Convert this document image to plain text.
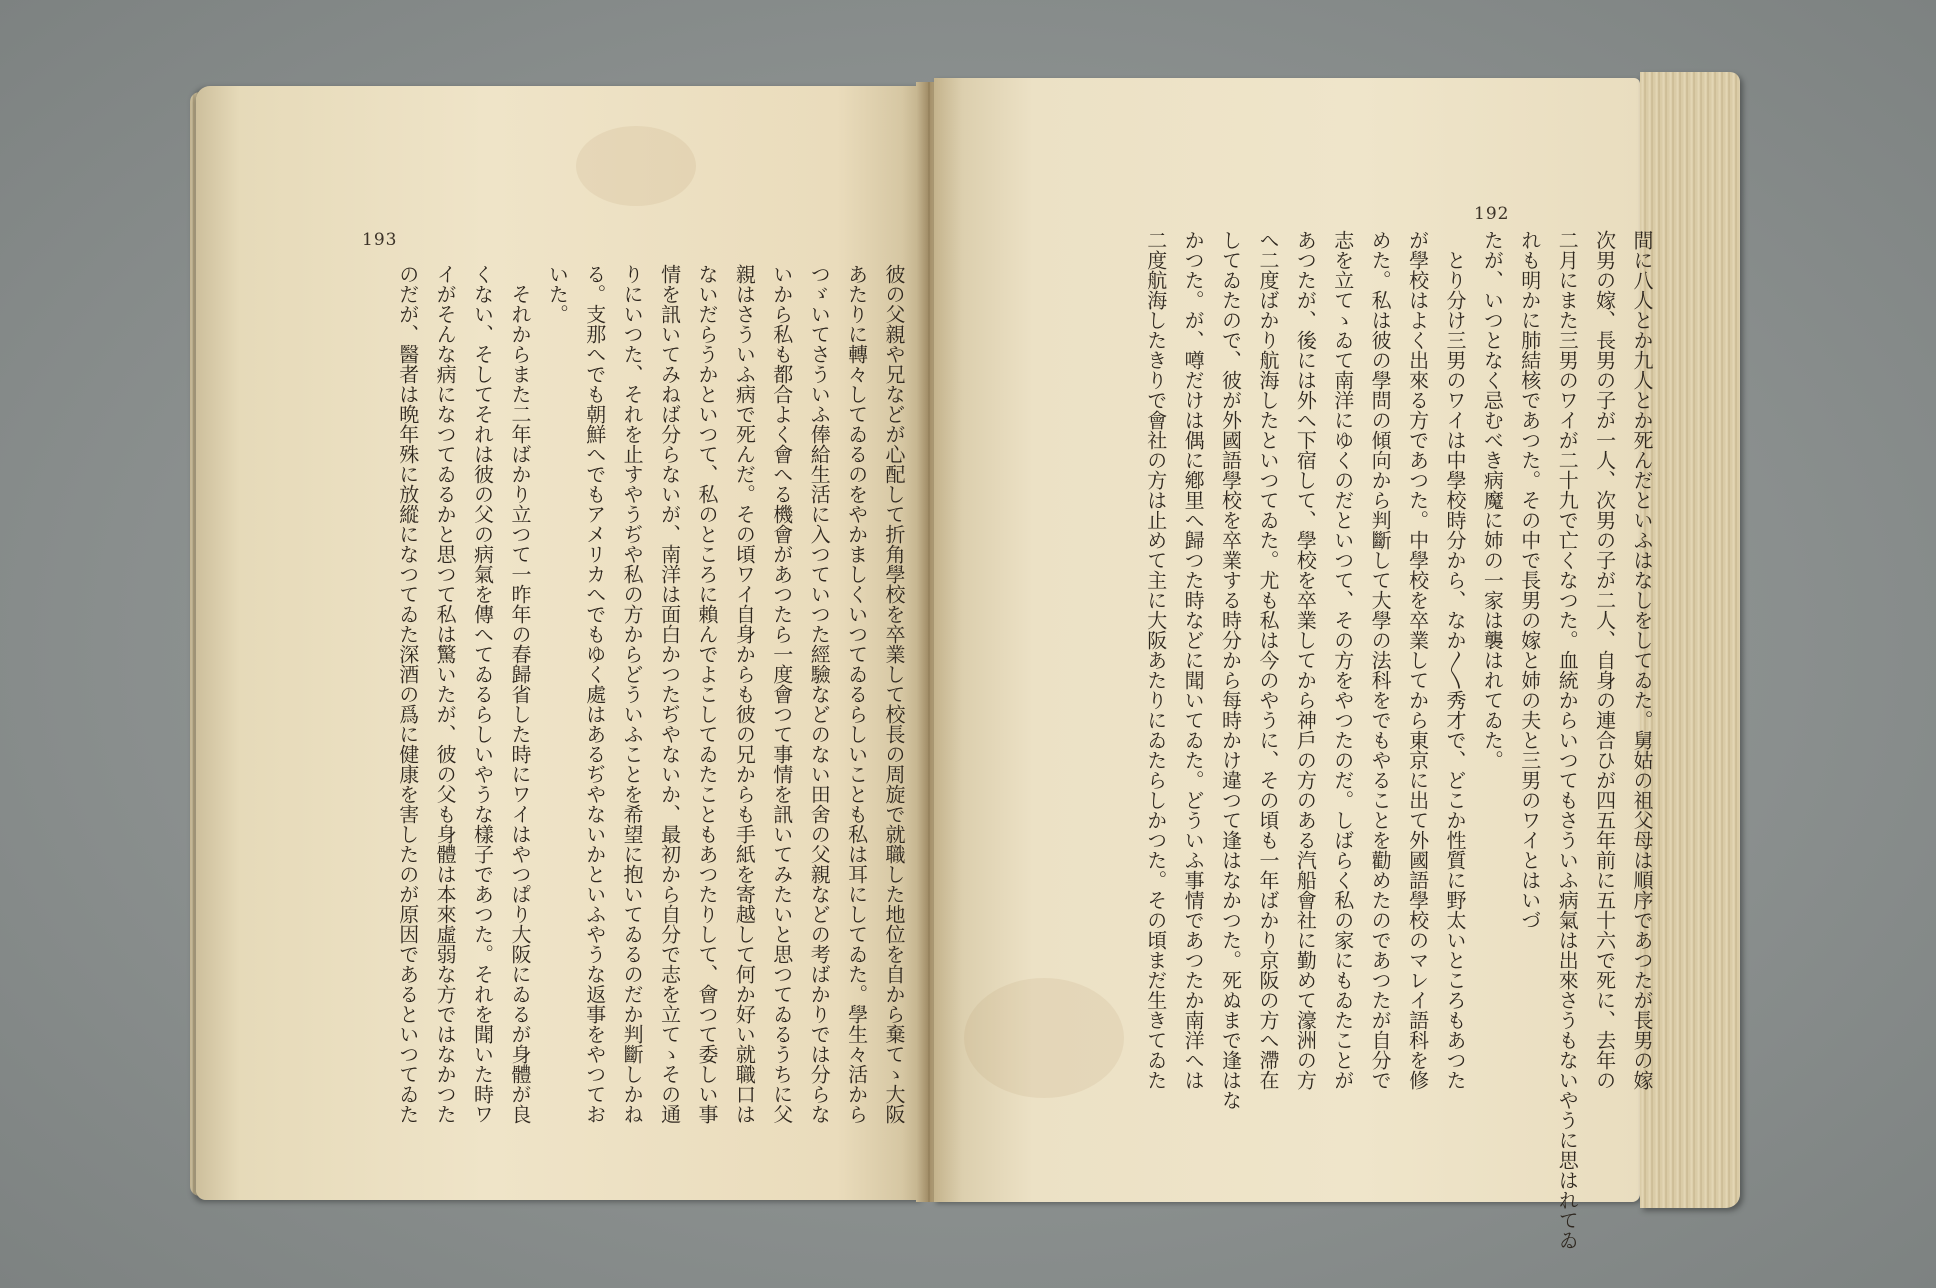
193
192
彼の父親や兄などが心配して折角學校を卒業して校長の周旋で就職した地位を自から棄てゝ大阪
あたりに轉々してゐるのをやかましくいつてゐるらしいことも私は耳にしてゐた。學生々活から
つゞいてさういふ俸給生活に入つていつた經驗などのない田舍の父親などの考ばかりでは分らな
いから私も都合よく會へる機會があつたら一度會つて事情を訊いてみたいと思つてゐるうちに父
親はさういふ病で死んだ。その頃ワイ自身からも彼の兄からも手紙を寄越して何か好い就職口は
ないだらうかといつて、私のところに賴んでよこしてゐたこともあつたりして、會つて委しい事
情を訊いてみねば分らないが、南洋は面白かつたぢやないか、最初から自分で志を立てゝその通
りにいつた、それを止すやうぢや私の方からどういふことを希望に抱いてゐるのだか判斷しかね
る。支那へでも朝鮮へでもアメリカへでもゆく處はあるぢやないかといふやうな返事をやつてお
いた。
　それからまた二年ばかり立つて一昨年の春歸省した時にワイはやつぱり大阪にゐるが身體が良
くない、そしてそれは彼の父の病氣を傳へてゐるらしいやうな樣子であつた。それを聞いた時ワ
イがそんな病になつてゐるかと思つて私は驚いたが、彼の父も身體は本來虛弱な方ではなかつた
のだが、醫者は晩年殊に放縱になつてゐた深酒の爲に健康を害したのが原因であるといつてゐた	間に八人とか九人とか死んだといふはなしをしてゐた。舅姑の祖父母は順序であつたが長男の嫁
次男の嫁、長男の子が一人、次男の子が二人、自身の連合ひが四五年前に五十六で死に、去年の
二月にまた三男のワイが二十九で亡くなつた。血統からいつてもさういふ病氣は出來さうもないやうに思はれてゐ
れも明かに肺結核であつた。その中で長男の嫁と姉の夫と三男のワイとはいづ
たが、いつとなく忌むべき病魔に姉の一家は襲はれてゐた。
　とり分け三男のワイは中學校時分から、なか〳〵秀才で、どこか性質に野太いところもあつた
が學校はよく出來る方であつた。中學校を卒業してから東京に出て外國語學校のマレイ語科を修
めた。私は彼の學問の傾向から判斷して大學の法科をでもやることを勸めたのであつたが自分で
志を立てゝゐて南洋にゆくのだといつて、その方をやつたのだ。しばらく私の家にもゐたことが
あつたが、後には外へ下宿して、學校を卒業してから神戶の方のある汽船會社に勤めて濠洲の方
へ二度ばかり航海したといつてゐた。尤も私は今のやうに、その頃も一年ばかり京阪の方へ滯在
してゐたので、彼が外國語學校を卒業する時分から每時かけ違つて逢はなかつた。死ぬまで逢はな
かつた。が、噂だけは偶に鄕里へ歸つた時などに聞いてゐた。どういふ事情であつたか南洋へは
二度航海したきりで會社の方は止めて主に大阪あたりにゐたらしかつた。その頃まだ生きてゐた
